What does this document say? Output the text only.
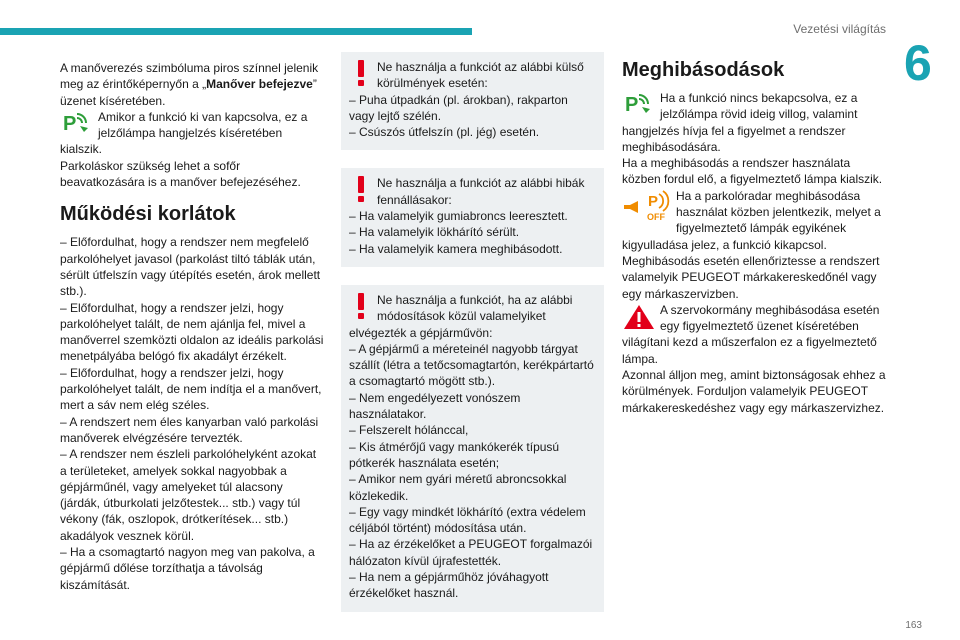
Vezetési világítás
6
163

A manőverezés szimbóluma piros színnel jelenik meg az érintőképernyőn a „Manőver befejezve” üzenet kíséretében.

P Amikor a funkció ki van kapcsolva, ez a jelzőlámpa hangjelzés kíséretében kialszik.

Parkoláskor szükség lehet a sofőr beavatkozására is a manőver befejezéséhez.

Működési korlátok

– Előfordulhat, hogy a rendszer nem megfelelő parkolóhelyet javasol (parkolást tiltó táblák után, sérült útfelszín vagy útépítés esetén, árok mellett stb.).

– Előfordulhat, hogy a rendszer jelzi, hogy parkolóhelyet talált, de nem ajánlja fel, mivel a manőverrel szemközti oldalon az ideális parkolási menetpályába belógó fix akadályt érzékelt.

– Előfordulhat, hogy a rendszer jelzi, hogy parkolóhelyet talált, de nem indítja el a manővert, mert a sáv nem elég széles.

– A rendszert nem éles kanyarban való parkolási manőverek elvégzésére tervezték.

– A rendszer nem észleli parkolóhelyként azokat a területeket, amelyek sokkal nagyobbak a gépjárműnél, vagy amelyeket túl alacsony (járdák, útburkolati jelzőtestek... stb.) vagy túl vékony (fák, oszlopok, drótkerítések... stb.) akadályok vesznek körül.

– Ha a csomagtartó nagyon meg van pakolva, a gépjármű dőlése torzíthatja a távolság kiszámítását.

Ne használja a funkciót az alábbi külső körülmények esetén:

– Puha útpadkán (pl. árokban), rakparton vagy lejtő szélén.

– Csúszós útfelszín (pl. jég) esetén.

Ne használja a funkciót az alábbi hibák fennállásakor:

– Ha valamelyik gumiabroncs leeresztett.

– Ha valamelyik lökhárító sérült.

– Ha valamelyik kamera meghibásodott.

Ne használja a funkciót, ha az alábbi módosítások közül valamelyiket elvégezték a gépjárművön:

– A gépjármű a méreteinél nagyobb tárgyat szállít (létra a tetőcsomagtartón, kerékpártartó a csomagtartó mögött stb.).

– Nem engedélyezett vonószem használatakor.

– Felszerelt hólánccal,

– Kis átmérőjű vagy mankókerék típusú pótkerék használata esetén;

– Amikor nem gyári méretű abroncsokkal közlekedik.

– Egy vagy mindkét lökhárító (extra védelem céljából történt) módosítása után.

– Ha az érzékelőket a PEUGEOT forgalmazói hálózaton kívül újrafestették.

– Ha nem a gépjárműhöz jóváhagyott érzékelőket használ.

Meghibásodások
P Ha a funkció nincs bekapcsolva, ez a jelzőlámpa rövid ideig villog, valamint hangjelzés hívja fel a figyelmet a rendszer meghibásodására.

Ha a meghibásodás a rendszer használata közben fordul elő, a figyelmeztető lámpa kialszik.

P
OFF
Ha a parkolóradar meghibásodása használat közben jelentkezik, melyet a figyelmeztető lámpák egyikének kigyulladása jelez, a funkció kikapcsol.

Meghibásodás esetén ellenőriztesse a rendszert valamelyik PEUGEOT márkakereskedőnél vagy egy márkaszervizben.

A szervokormány meghibásodása esetén egy figyelmeztető üzenet kíséretében világítani kezd a műszerfalon ez a figyelmeztető lámpa.

Azonnal álljon meg, amint biztonságosak ehhez a körülmények. Forduljon valamelyik PEUGEOT márkakereskedéshez vagy egy márkaszervizhez.
